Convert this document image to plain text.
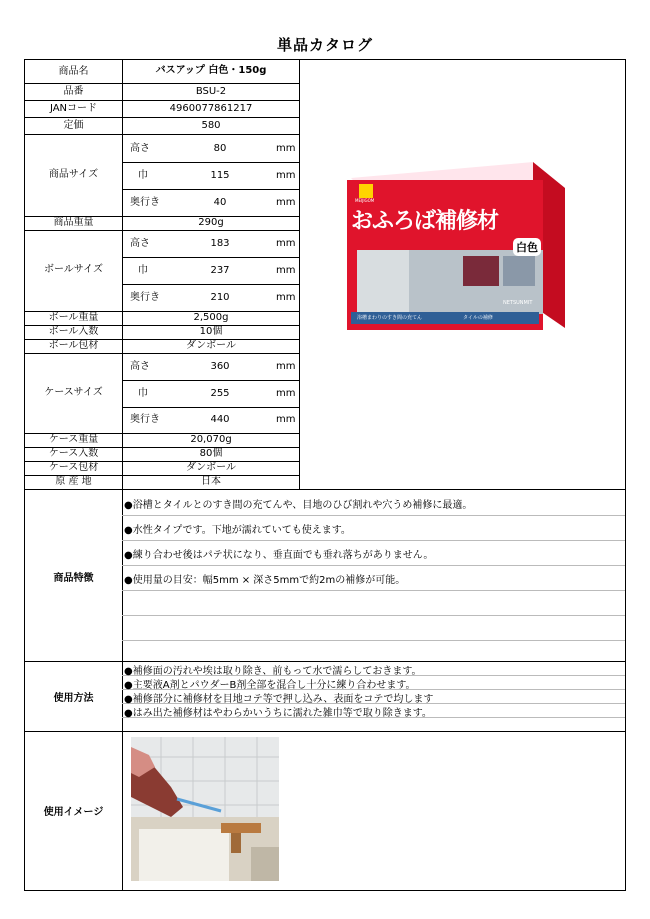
単品カタログ
商品名	バスアップ 白色・150g
品番	BSU-2
JANコード	4960077861217
定価	580
商品サイズ
高さ	80	mm
巾	115	mm
奥行き	40	mm
商品重量	290g
ボールサイズ
高さ	183	mm
巾	237	mm
奥行き	210	mm
ボール重量	2,500g
ボール入数	10個
ボール包材	ダンボール
ケースサイズ
高さ	360	mm
巾	255	mm
奥行き	440	mm
ケース重量	20,070g
ケース入数	80個
ケース包材	ダンボール
原 産 地	日本
MEIJIGOM
おふろば補修材
白色
浴槽まわりのすき間の充てん	タイルの補修
NETSUNMIT
商品特徴
●浴槽とタイルとのすき間の充てんや、目地のひび割れや穴うめ補修に最適。
●水性タイプです。下地が濡れていても使えます。
●練り合わせ後はパテ状になり、垂直面でも垂れ落ちがありません。
●使用量の目安：幅5mm × 深さ5mmで約2mの補修が可能。
使用方法
●補修面の汚れや埃は取り除き、前もって水で濡らしておきます。
●主要液A剤とパウダーB剤全部を混合し十分に練り合わせます。
●補修部分に補修材を目地コテ等で押し込み、表面をコテで均します
●はみ出た補修材はやわらかいうちに濡れた雑巾等で取り除きます。
使用イメージ
